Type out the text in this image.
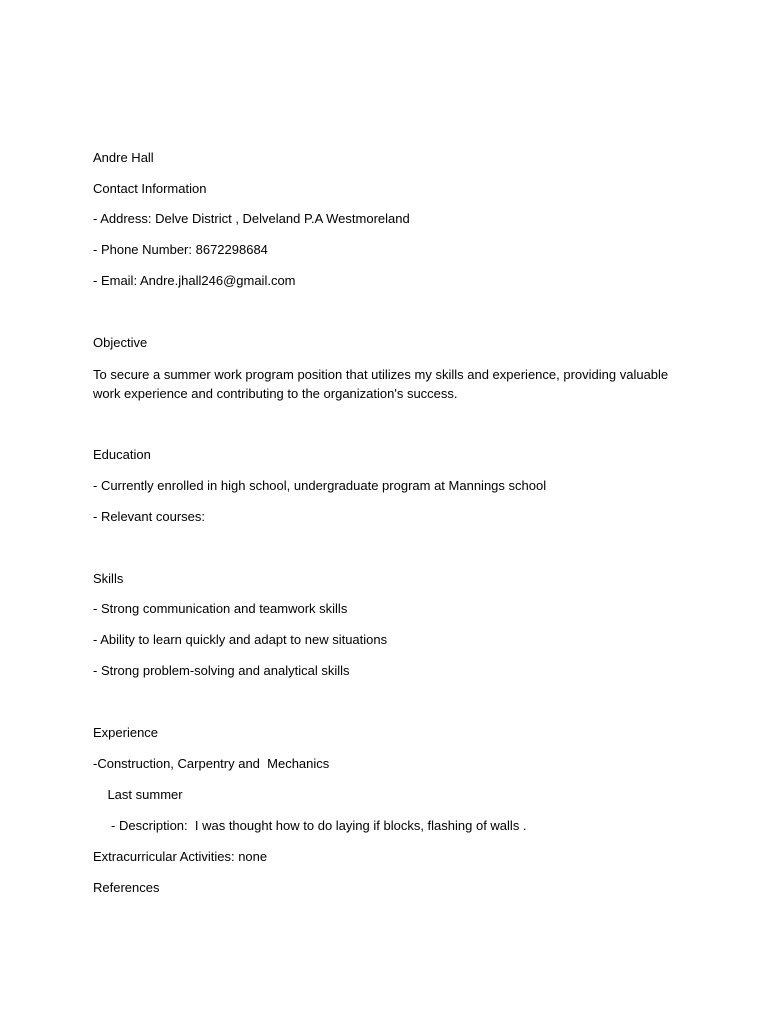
Andre Hall

Contact Information

- Address: Delve District , Delveland P.A Westmoreland

- Phone Number: 8672298684

- Email: Andre.jhall246@gmail.com

Objective

To secure a summer work program position that utilizes my skills and experience, providing valuable work experience and contributing to the organization's success.

Education

- Currently enrolled in high school, undergraduate program at Mannings school

- Relevant courses:

Skills

- Strong communication and teamwork skills

- Ability to learn quickly and adapt to new situations

- Strong problem-solving and analytical skills

Experience

-Construction, Carpentry and  Mechanics

Last summer

- Description:  I was thought how to do laying if blocks, flashing of walls .

Extracurricular Activities: none

References
